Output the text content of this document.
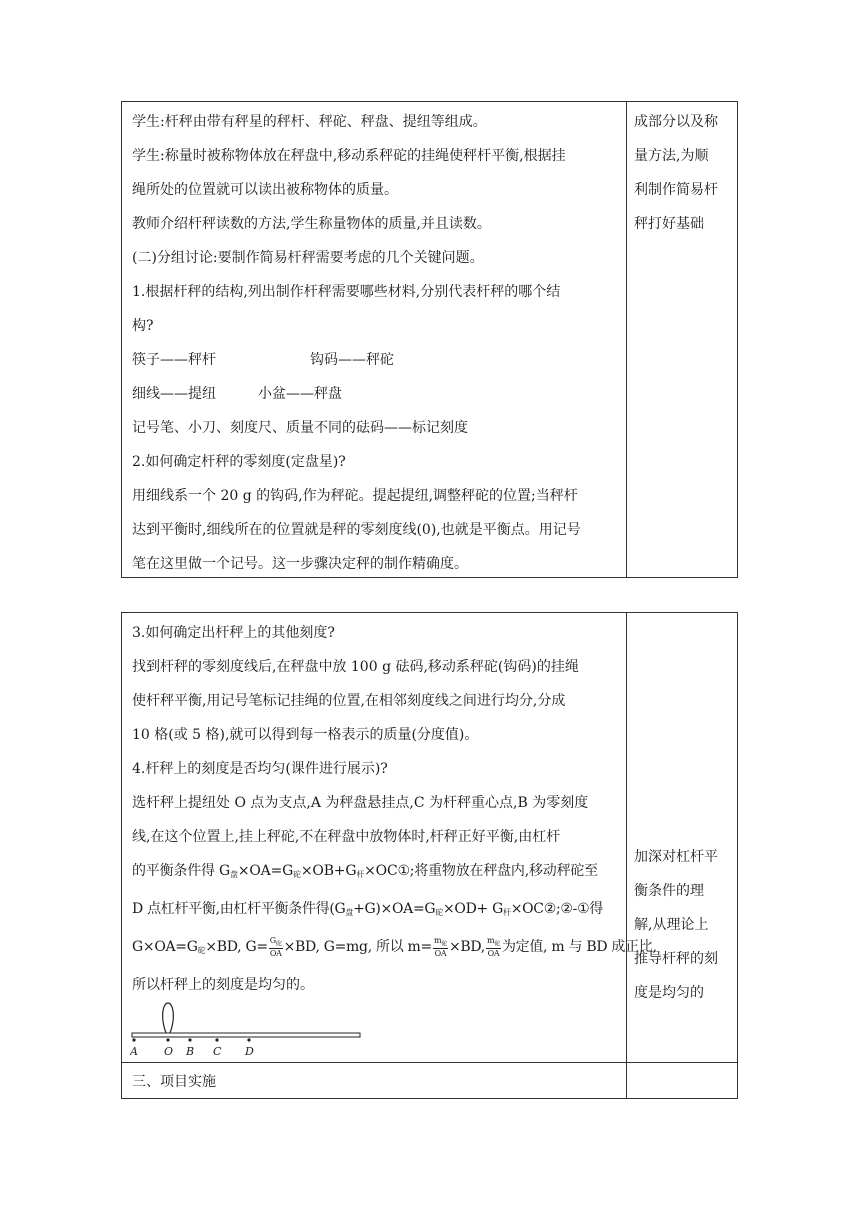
学生:杆秤由带有秤星的秤杆、秤砣、秤盘、提纽等组成。
学生:称量时被称物体放在秤盘中,移动系秤砣的挂绳使秤杆平衡,根据挂
绳所处的位置就可以读出被称物体的质量。
教师介绍杆秤读数的方法,学生称量物体的质量,并且读数。
(二)分组讨论:要制作简易杆秤需要考虑的几个关键问题。
1.根据杆秤的结构,列出制作杆秤需要哪些材料,分别代表杆秤的哪个结
构?
筷子——秤杆	钩码——秤砣
细线——提纽	小盆——秤盘
记号笔、小刀、刻度尺、质量不同的砝码——标记刻度
2.如何确定杆秤的零刻度(定盘星)?
用细线系一个 20 g 的钩码,作为秤砣。提起提纽,调整秤砣的位置;当秤杆
达到平衡时,细线所在的位置就是秤的零刻度线(0),也就是平衡点。用记号
笔在这里做一个记号。这一步骤决定秤的制作精确度。
成部分以及称
量方法,为顺
利制作简易杆
秤打好基础
3.如何确定出杆秤上的其他刻度?
找到杆秤的零刻度线后,在秤盘中放 100 g 砝码,移动系秤砣(钩码)的挂绳
使杆秤平衡,用记号笔标记挂绳的位置,在相邻刻度线之间进行均分,分成
10 格(或 5 格),就可以得到每一格表示的质量(分度值)。
4.杆秤上的刻度是否均匀(课件进行展示)?
选杆秤上提纽处 O 点为支点,A 为秤盘悬挂点,C 为杆秤重心点,B 为零刻度
线,在这个位置上,挂上秤砣,不在秤盘中放物体时,杆秤正好平衡,由杠杆
的平衡条件得 $G_盘\times OA=G_砣\times OB+G_杆\times OC①$;将重物放在秤盘内,移动秤砣至
D 点杠杆平衡,由杠杆平衡条件得$(G_盘+G)\times OA=G_砣\times OD+$ $G_杆\times OC②;②-①$得
$G\times OA=G_砣\times BD$, $G= \frac{G_砣}{OA} \times BD$, G=mg, 所以 $m= \frac{m_砣}{OA} \times BD$, $\frac{m_砣}{OA}$ 为定值, m 与 BD 成正比,
所以杆秤上的刻度是均匀的。
A O B C D
加深对杠杆平
衡条件的理
解,从理论上
推导杆秤的刻
度是均匀的
三、项目实施
